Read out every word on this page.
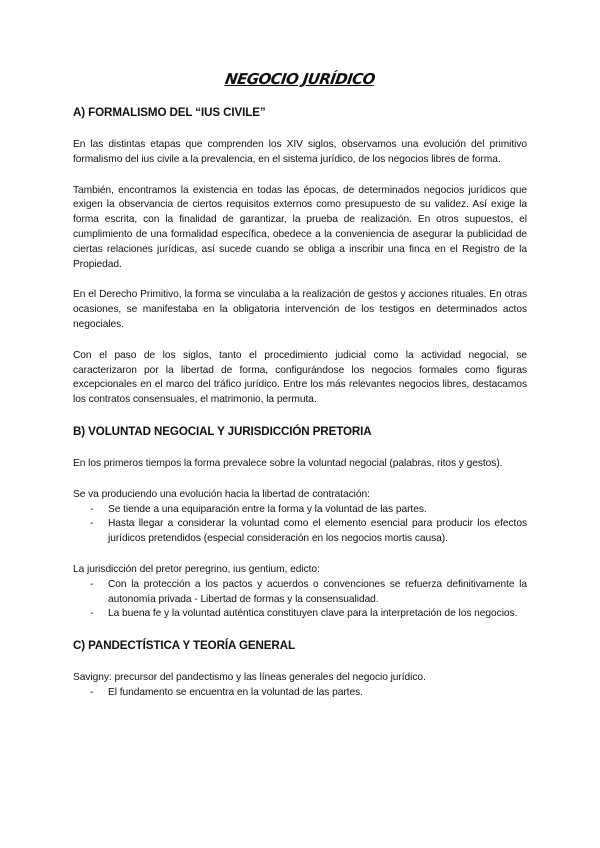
NEGOCIO JURÍDICO
A) FORMALISMO DEL “IUS CIVILE”

En las distintas etapas que comprenden los XIV siglos, observamos una evolución del primitivo formalismo del ius civile a la prevalencia, en el sistema jurídico, de los negocios libres de forma.

También, encontramos la existencia en todas las épocas, de determinados negocios jurídicos que exigen la observancia de ciertos requisitos externos como presupuesto de su validez. Así exige la forma escrita, con la finalidad de garantizar, la prueba de realización. En otros supuestos, el cumplimiento de una formalidad específica, obedece a la conveniencia de asegurar la publicidad de ciertas relaciones jurídicas, así sucede cuando se obliga a inscribir una finca en el Registro de la Propiedad.

En el Derecho Primitivo, la forma se vinculaba a la realización de gestos y acciones rituales. En otras ocasiones, se manifestaba en la obligatoria intervención de los testigos en determinados actos negociales.

Con el paso de los siglos, tanto el procedimiento judicial como la actividad negocial, se caracterizaron por la libertad de forma, configurándose los negocios formales como figuras excepcionales en el marco del tráfico jurídico. Entre los más relevantes negocios libres, destacamos los contratos consensuales, el matrimonio, la permuta.

B) VOLUNTAD NEGOCIAL Y JURISDICCIÓN PRETORIA

En los primeros tiempos la forma prevalece sobre la voluntad negocial (palabras, ritos y gestos).

Se va produciendo una evolución hacia la libertad de contratación:

- Se tiende a una equiparación entre la forma y la voluntad de las partes.
- Hasta llegar a considerar la voluntad como el elemento esencial para producir los efectos jurídicos pretendidos (especial consideración en los negocios mortis causa).

La jurisdicción del pretor peregrino, ius gentium, edicto:

- Con la protección a los pactos y acuerdos o convenciones se refuerza definitivamente la autonomía privada - Libertad de formas y la consensualidad.
- La buena fe y la voluntad auténtica constituyen clave para la interpretación de los negocios.
C) PANDECTÍSTICA Y TEORÍA GENERAL

Savigny: precursor del pandectismo y las líneas generales del negocio jurídico.

- El fundamento se encuentra en la voluntad de las partes.
